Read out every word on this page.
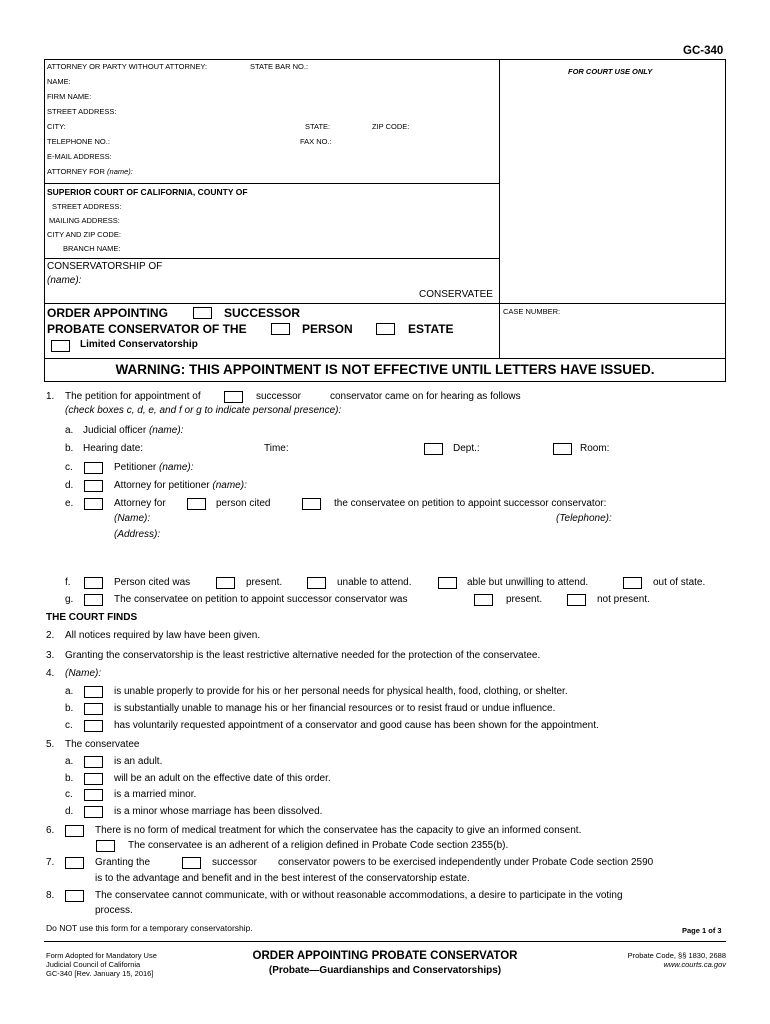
GC-340
ATTORNEY OR PARTY WITHOUT ATTORNEY:	STATE BAR NO.:
FOR COURT USE ONLY
NAME:
FIRM NAME:
STREET ADDRESS:
CITY:	STATE:	ZIP CODE:
TELEPHONE NO.:	FAX NO.:
E-MAIL ADDRESS:
ATTORNEY FOR (name):
SUPERIOR COURT OF CALIFORNIA, COUNTY OF
STREET ADDRESS:
MAILING ADDRESS:
CITY AND ZIP CODE:
BRANCH NAME:
CONSERVATORSHIP OF
(name):
CONSERVATEE
ORDER APPOINTING	SUCCESSOR
PROBATE CONSERVATOR OF THE	PERSON	ESTATE
Limited Conservatorship
CASE NUMBER:
WARNING: THIS APPOINTMENT IS NOT EFFECTIVE UNTIL LETTERS HAVE ISSUED.
1. The petition for appointment of	successor	conservator came on for hearing as follows
(check boxes c, d, e, and f or g to indicate personal presence):
a. Judicial officer (name):
b. Hearing date:	Time:	Dept.:	Room:
c.	Petitioner (name):
d.	Attorney for petitioner (name):
e.	Attorney for	person cited	the conservatee on petition to appoint successor conservator:
(Name):	(Telephone):
(Address):
f.	Person cited was	present.	unable to attend.	able but unwilling to attend.	out of state.
g.	The conservatee on petition to appoint successor conservator was	present.	not present.
THE COURT FINDS
2. All notices required by law have been given.
3. Granting the conservatorship is the least restrictive alternative needed for the protection of the conservatee.
4. (Name):
a.	is unable properly to provide for his or her personal needs for physical health, food, clothing, or shelter.
b.	is substantially unable to manage his or her financial resources or to resist fraud or undue influence.
c.	has voluntarily requested appointment of a conservator and good cause has been shown for the appointment.
5. The conservatee
a.	is an adult.
b.	will be an adult on the effective date of this order.
c.	is a married minor.
d.	is a minor whose marriage has been dissolved.
6.	There is no form of medical treatment for which the conservatee has the capacity to give an informed consent.
The conservatee is an adherent of a religion defined in Probate Code section 2355(b).
7.	Granting the	successor conservator powers to be exercised independently under Probate Code section 2590
is to the advantage and benefit and in the best interest of the conservatorship estate.
8.	The conservatee cannot communicate, with or without reasonable accommodations, a desire to participate in the voting
process.
Do NOT use this form for a temporary conservatorship.	Page 1 of 3
Form Adopted for Mandatory Use
Judicial Council of California
GC-340 [Rev. January 15, 2016]
ORDER APPOINTING PROBATE CONSERVATOR
(Probate—Guardianships and Conservatorships)
Probate Code, §§ 1830, 2688
www.courts.ca.gov
